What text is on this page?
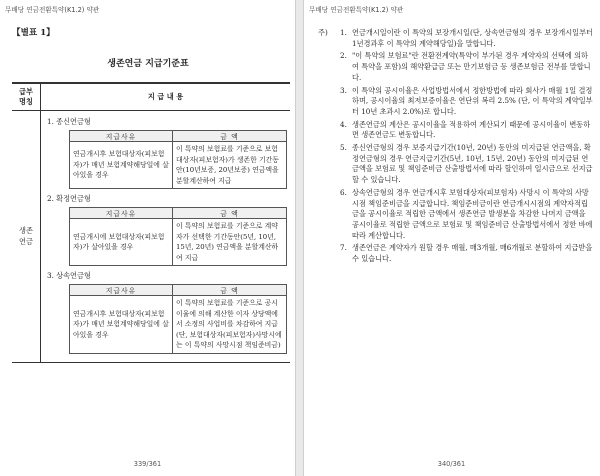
무배당 연금전환특약(K1.2) 약관
【별표 1】
생존연금 지급기준표
급부
명칭	지 급 내 용
생존
연금	
1. 종신연금형
지급사유	금 액
연금개시후 보험대상자(피보험자)가 매년 보험계약해당일에 살아있을 경우	이 특약의 보험료를 기준으로 보험대상자(피보험자)가 생존한 기간동안(10년보증, 20년보증) 연금액을 분할계산하여 지급
2. 확정연금형
지급사유	금 액
연금개시에 보험대상자(피보험자)가 살아있을 경우	이 특약의 보험료를 기준으로 계약자가 선택한 기간동안(5년, 10년, 15년, 20년) 연금액을 분할계산하여 지급
3. 상속연금형
지급사유	금 액
연금개시후 보험대상자(피보험자)가 매년 보험계약해당일에 살아있을 경우	이 특약의 보험료를 기준으로 공시이율에 의해 계산한 이자 상당액에서 소정의 사업비를 차감하여 지급(단, 보험대상자(피보험자)사망시에는 이 특약의 사망시점 책임준비금)
339/361
무배당 연금전환특약(K1.2) 약관
주)	1. 연금개시일이란 이 특약의 보장개시일(단, 상속연금형의 경우 보장개시일부터 1년경과후 이 특약의 계약해당일)을 말합니다.
2. "이 특약의 보험료"란 전환전계약(특약이 부가된 경우 계약자의 선택에 의하여 특약을 포함)의 해약환급금 또는 만기보험금 등 생존보험금 전부를 말합니다.
3. 이 특약의 공시이율은 사업방법서에서 정한방법에 따라 회사가 매월 1일 결정하며, 공시이율의 최저보증이율은 연단위 복리 2.5% (단, 이 특약의 계약일부터 10년 초과시 2.0%)로 합니다.
4. 생존연금의 계산은 공시이율을 적용하여 계산되기 때문에 공시이율이 변동하면 생존연금도 변동합니다.
5. 종신연금형의 경우 보증지급기간(10년, 20년) 동안의 미지급된 연금액을, 확정연금형의 경우 연금지급기간(5년, 10년, 15년, 20년) 동안의 미지급된 연금액을 보험료 및 책임준비금 산출방법서에 따라 할인하여 일시금으로 선지급 할 수 있습니다.
6. 상속연금형의 경우 연금개시후 보험대상자(피보험자) 사망시 이 특약의 사망시점 책임준비금을 지급합니다. 책임준비금이란 연금개시시점의 계약자적립금을 공시이율로 적립한 금액에서 생존연금 발생분을 차감한 나머지 금액을 공시이율로 적립한 금액으로 보험료 및 책임준비금 산출방법서에서 정한 바에 따라 계산합니다.
7. 생존연금은 계약자가 원할 경우 매월, 매3개월, 매6개월로 분할하여 지급받을 수 있습니다.
340/361
